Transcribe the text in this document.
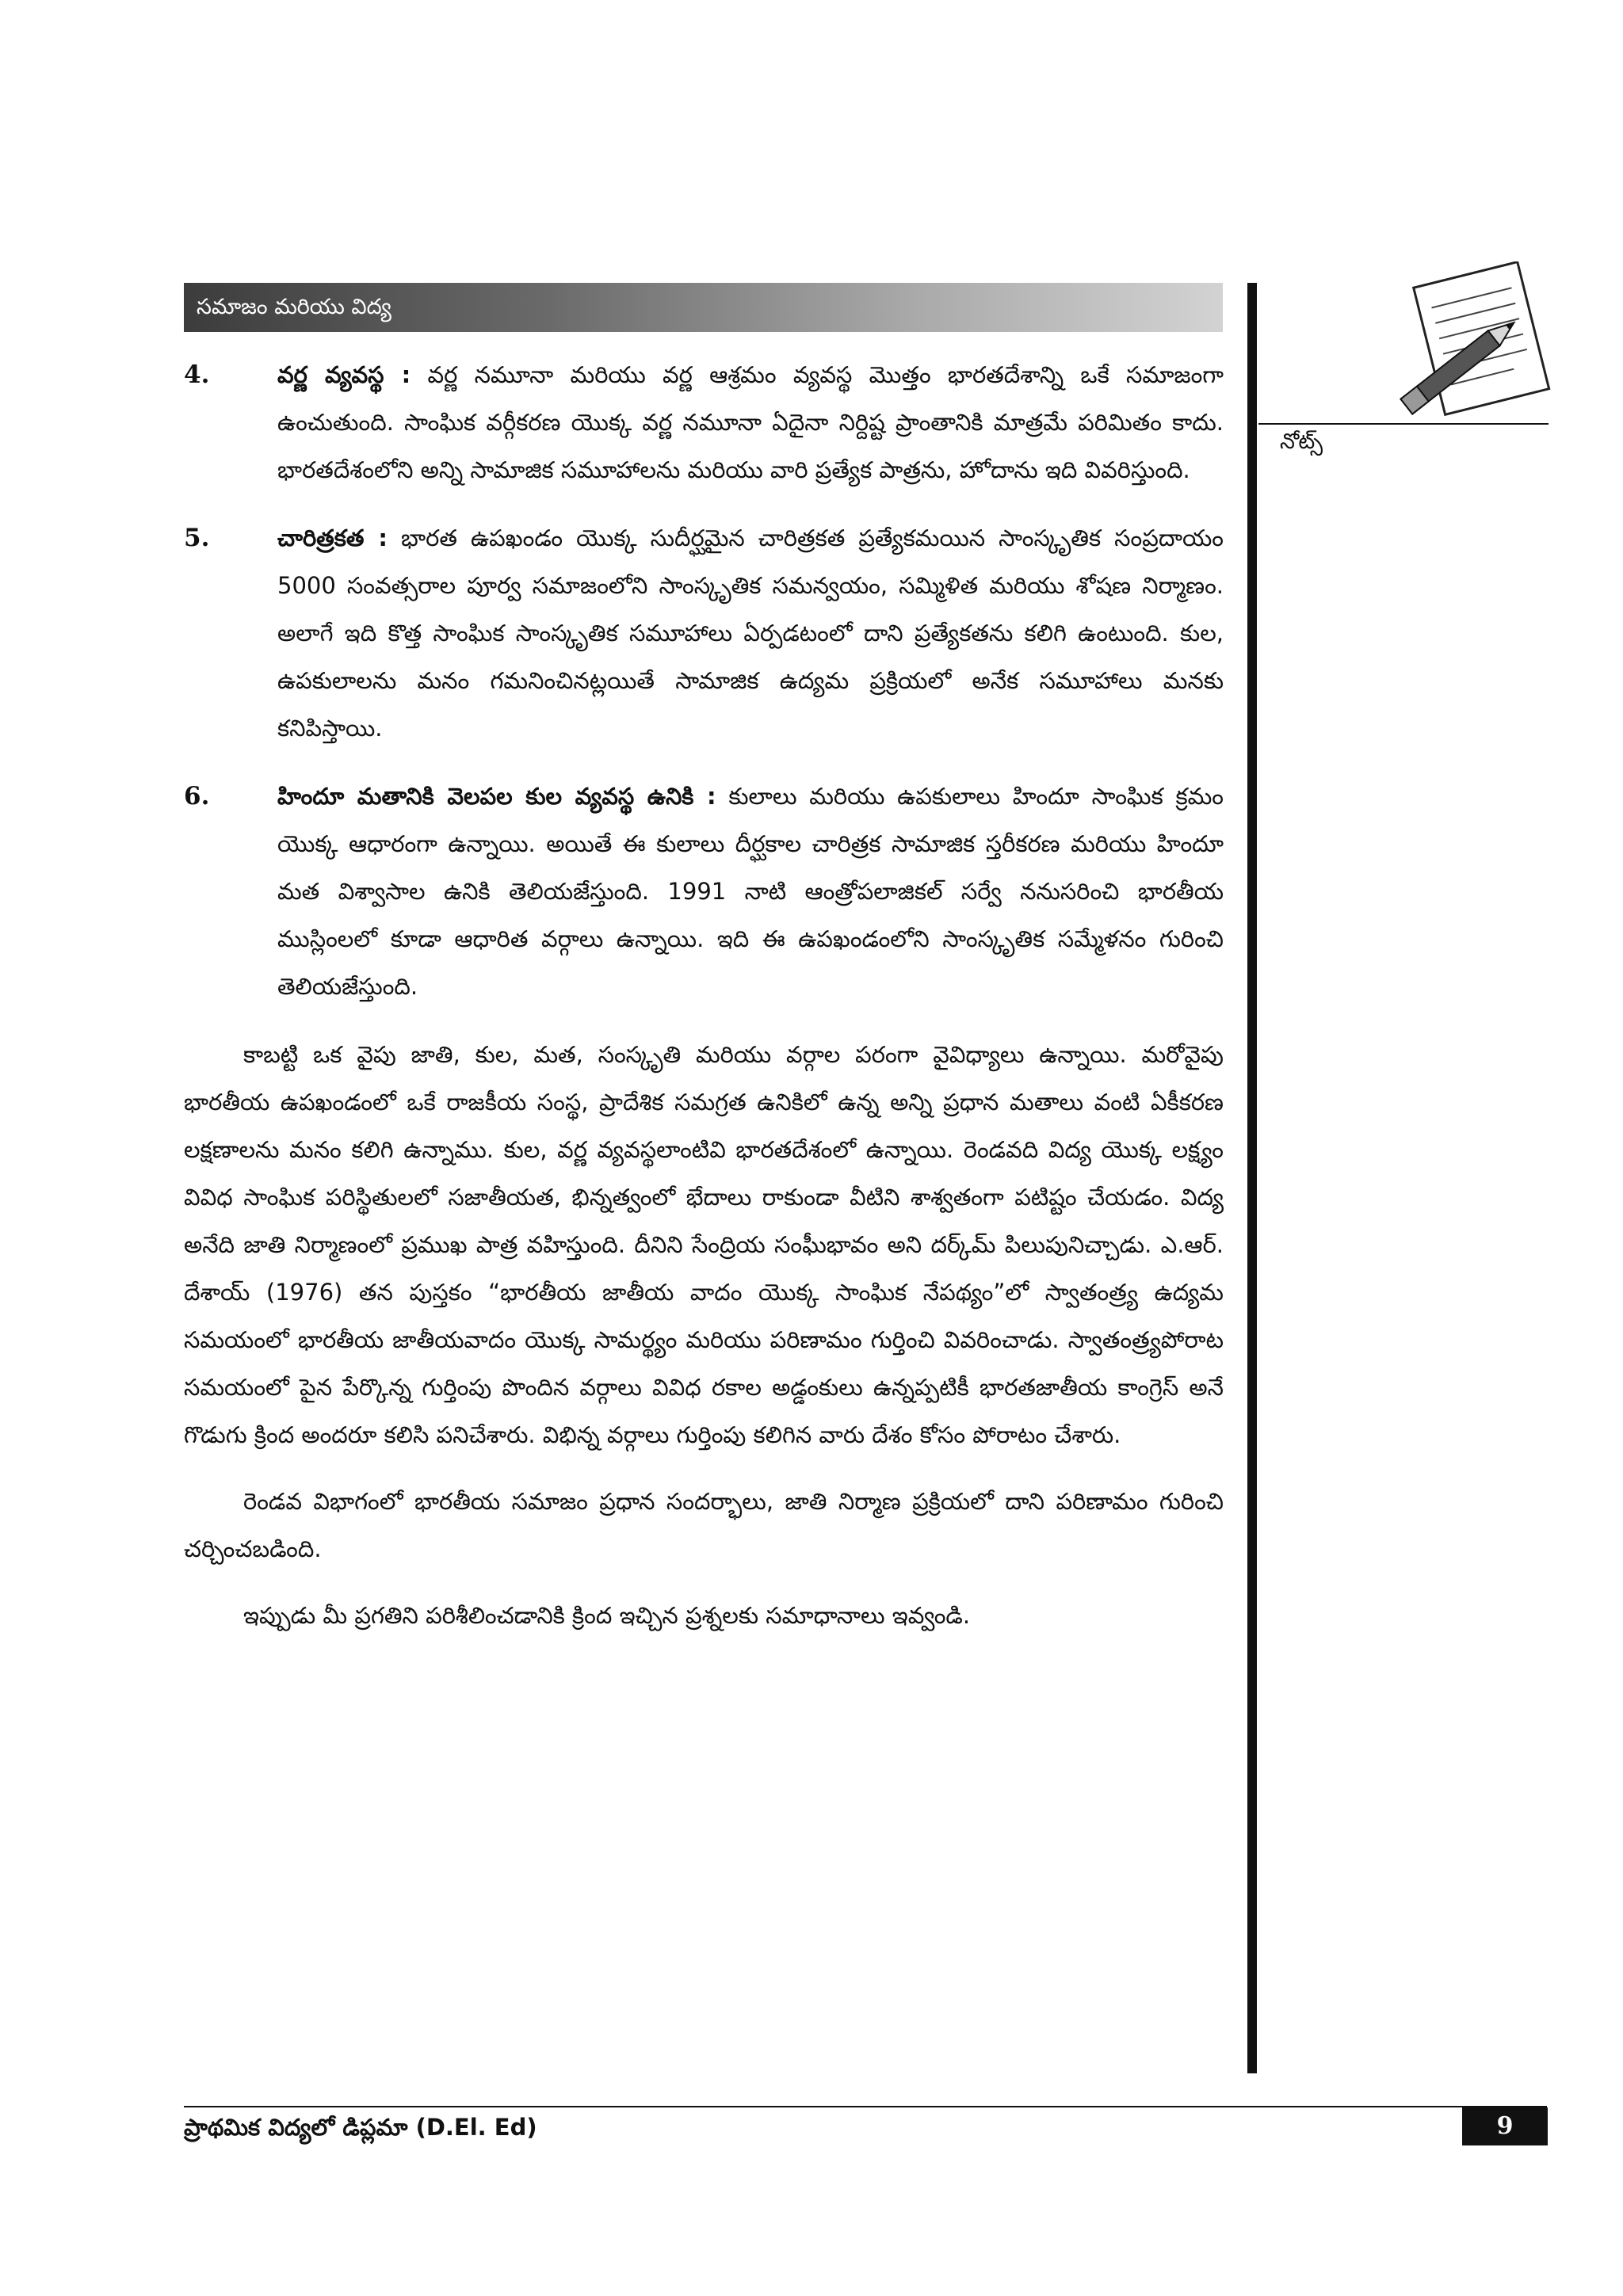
సమాజం మరియు విద్య
నోట్స్
4.	వర్ణ వ్యవస్థ : వర్ణ నమూనా మరియు వర్ణ ఆశ్రమం వ్యవస్థ మొత్తం భారతదేశాన్ని ఒకే సమాజంగా ఉంచుతుంది. సాంఘిక వర్గీకరణ యొక్క వర్ణ నమూనా ఏదైనా నిర్దిష్ట ప్రాంతానికి మాత్రమే పరిమితం కాదు. భారతదేశంలోని అన్ని సామాజిక సమూహాలను మరియు వారి ప్రత్యేక పాత్రను, హోదాను ఇది వివరిస్తుంది.

5.	చారిత్రకత : భారత ఉపఖండం యొక్క సుదీర్ఘమైన చారిత్రకత ప్రత్యేకమయిన సాంస్కృతిక సంప్రదాయం 5000 సంవత్సరాల పూర్వ సమాజంలోని సాంస్కృతిక సమన్వయం, సమ్మిళిత మరియు శోషణ నిర్మాణం. అలాగే ఇది కొత్త సాంఘిక సాంస్కృతిక సమూహాలు ఏర్పడటంలో దాని ప్రత్యేకతను కలిగి ఉంటుంది. కుల, ఉపకులాలను మనం గమనించినట్లయితే సామాజిక ఉద్యమ ప్రక్రియలో అనేక సమూహాలు మనకు కనిపిస్తాయి.

6.	హిందూ మతానికి వెలపల కుల వ్యవస్థ ఉనికి : కులాలు మరియు ఉపకులాలు హిందూ సాంఘిక క్రమం యొక్క ఆధారంగా ఉన్నాయి. అయితే ఈ కులాలు దీర్ఘకాల చారిత్రక సామాజిక స్తరీకరణ మరియు హిందూ మత విశ్వాసాల ఉనికి తెలియజేస్తుంది. 1991 నాటి ఆంత్రోపలాజికల్ సర్వే ననుసరించి భారతీయ ముస్లింలలో కూడా ఆధారిత వర్గాలు ఉన్నాయి. ఇది ఈ ఉపఖండంలోని సాంస్కృతిక సమ్మేళనం గురించి తెలియజేస్తుంది.

కాబట్టి ఒక వైపు జాతి, కుల, మత, సంస్కృతి మరియు వర్గాల పరంగా వైవిధ్యాలు ఉన్నాయి. మరోవైపు భారతీయ ఉపఖండంలో ఒకే రాజకీయ సంస్థ, ప్రాదేశిక సమగ్రత ఉనికిలో ఉన్న అన్ని ప్రధాన మతాలు వంటి ఏకీకరణ లక్షణాలను మనం కలిగి ఉన్నాము. కుల, వర్ణ వ్యవస్థలాంటివి భారతదేశంలో ఉన్నాయి. రెండవది విద్య యొక్క లక్ష్యం వివిధ సాంఘిక పరిస్థితులలో సజాతీయత, భిన్నత్వంలో భేదాలు రాకుండా వీటిని శాశ్వతంగా పటిష్టం చేయడం. విద్య అనేది జాతి నిర్మాణంలో ప్రముఖ పాత్ర వహిస్తుంది. దీనిని సేంద్రియ సంఘీభావం అని దర్క్‌మ్ పిలుపునిచ్చాడు. ఎ.ఆర్. దేశాయ్ (1976) తన పుస్తకం “భారతీయ జాతీయ వాదం యొక్క సాంఘిక నేపథ్యం”లో స్వాతంత్ర్య ఉద్యమ సమయంలో భారతీయ జాతీయవాదం యొక్క సామర్థ్యం మరియు పరిణామం గుర్తించి వివరించాడు. స్వాతంత్ర్యపోరాట సమయంలో పైన పేర్కొన్న గుర్తింపు పొందిన వర్గాలు వివిధ రకాల అడ్డంకులు ఉన్నప్పటికీ భారతజాతీయ కాంగ్రెస్ అనే గొడుగు క్రింద అందరూ కలిసి పనిచేశారు. విభిన్న వర్గాలు గుర్తింపు కలిగిన వారు దేశం కోసం పోరాటం చేశారు.

రెండవ విభాగంలో భారతీయ సమాజం ప్రధాన సందర్భాలు, జాతి నిర్మాణ ప్రక్రియలో దాని పరిణామం గురించి చర్చించబడింది.

ఇప్పుడు మీ ప్రగతిని పరిశీలించడానికి క్రింద ఇచ్చిన ప్రశ్నలకు సమాధానాలు ఇవ్వండి.

ప్రాథమిక విద్యలో డిప్లమా (D.El. Ed)	9
